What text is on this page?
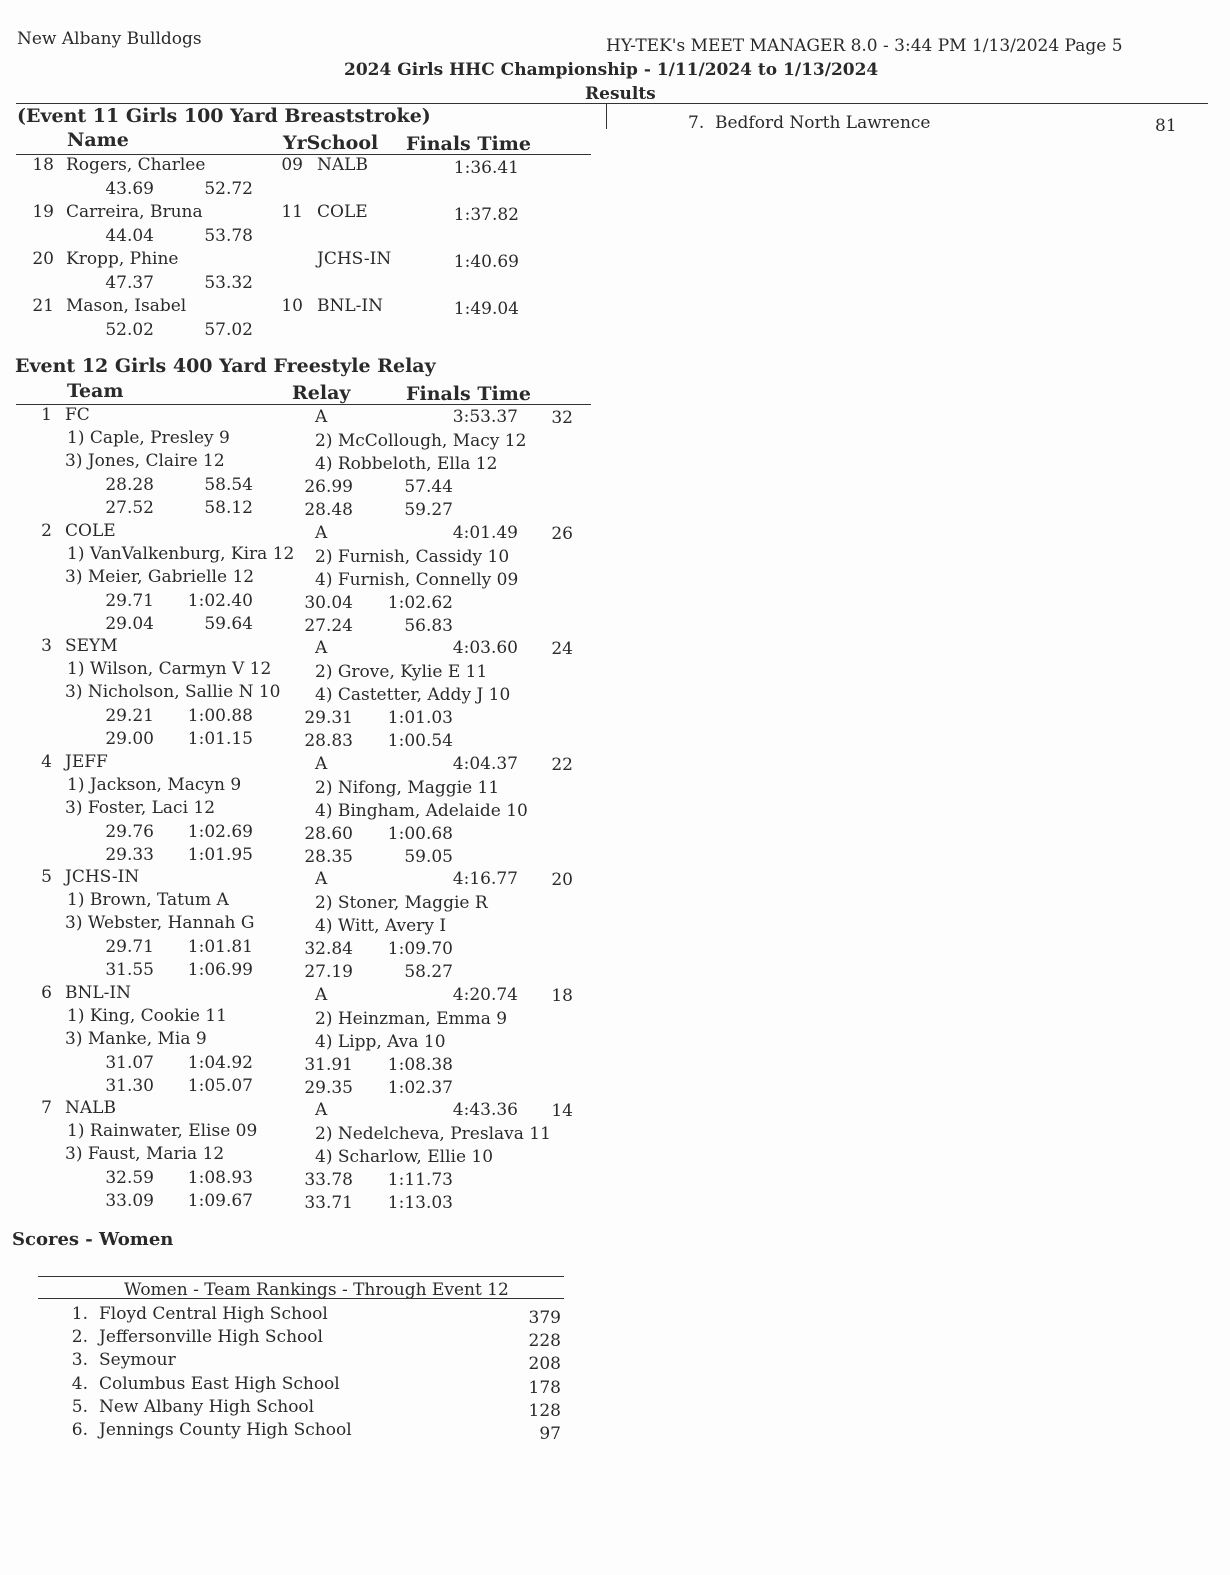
New Albany Bulldogs	HY-TEK's MEET MANAGER 8.0 - 3:44 PM 1/13/2024 Page 5
2024 Girls HHC Championship - 1/11/2024 to 1/13/2024
Results
7. Bedford North Lawrence	81
(Event 11 Girls 100 Yard Breaststroke)
Name	YrSchool Finals Time
18 Rogers, Charlee	09 NALB	1:36.41
43.69	52.72
19 Carreira, Bruna	11 COLE	1:37.82
44.04	53.78
20 Kropp, Phine	JCHS-IN	1:40.69
47.37	53.32
21 Mason, Isabel	10 BNL-IN	1:49.04
52.02	57.02
Event 12 Girls 400 Yard Freestyle Relay
Team	Relay	Finals Time
1 FC	A	3:53.37 32
1) Caple, Presley 9	2) McCollough, Macy 12
3) Jones, Claire 12	4) Robbeloth, Ella 12
28.28	58.54	26.99	57.44
27.52	58.12	28.48	59.27
2 COLE	A	4:01.49 26
1) VanValkenburg, Kira 12 2) Furnish, Cassidy 10
3) Meier, Gabrielle 12	4) Furnish, Connelly 09
29.71 1:02.40	30.04 1:02.62
29.04	59.64	27.24	56.83
3 SEYM	A	4:03.60 24
1) Wilson, Carmyn V 12	2) Grove, Kylie E 11
3) Nicholson, Sallie N 10 4) Castetter, Addy J 10
29.21 1:00.88	29.31 1:01.03
29.00 1:01.15	28.83 1:00.54
4 JEFF	A	4:04.37 22
1) Jackson, Macyn 9	2) Nifong, Maggie 11
3) Foster, Laci 12	4) Bingham, Adelaide 10
29.76 1:02.69	28.60 1:00.68
29.33 1:01.95	28.35	59.05
5 JCHS-IN	A	4:16.77 20
1) Brown, Tatum A	2) Stoner, Maggie R
3) Webster, Hannah G	4) Witt, Avery I
29.71 1:01.81	32.84 1:09.70
31.55 1:06.99	27.19	58.27
6 BNL-IN	A	4:20.74 18
1) King, Cookie 11	2) Heinzman, Emma 9
3) Manke, Mia 9	4) Lipp, Ava 10
31.07 1:04.92	31.91 1:08.38
31.30 1:05.07	29.35 1:02.37
7 NALB	A	4:43.36 14
1) Rainwater, Elise 09	2) Nedelcheva, Preslava 11
3) Faust, Maria 12	4) Scharlow, Ellie 10
32.59 1:08.93	33.78 1:11.73
33.09 1:09.67	33.71 1:13.03
Scores - Women
Women - Team Rankings - Through Event 12
1. Floyd Central High School	379
2. Jeffersonville High School	228
3. Seymour	208
4. Columbus East High School	178
5. New Albany High School	128
6. Jennings County High School	97
